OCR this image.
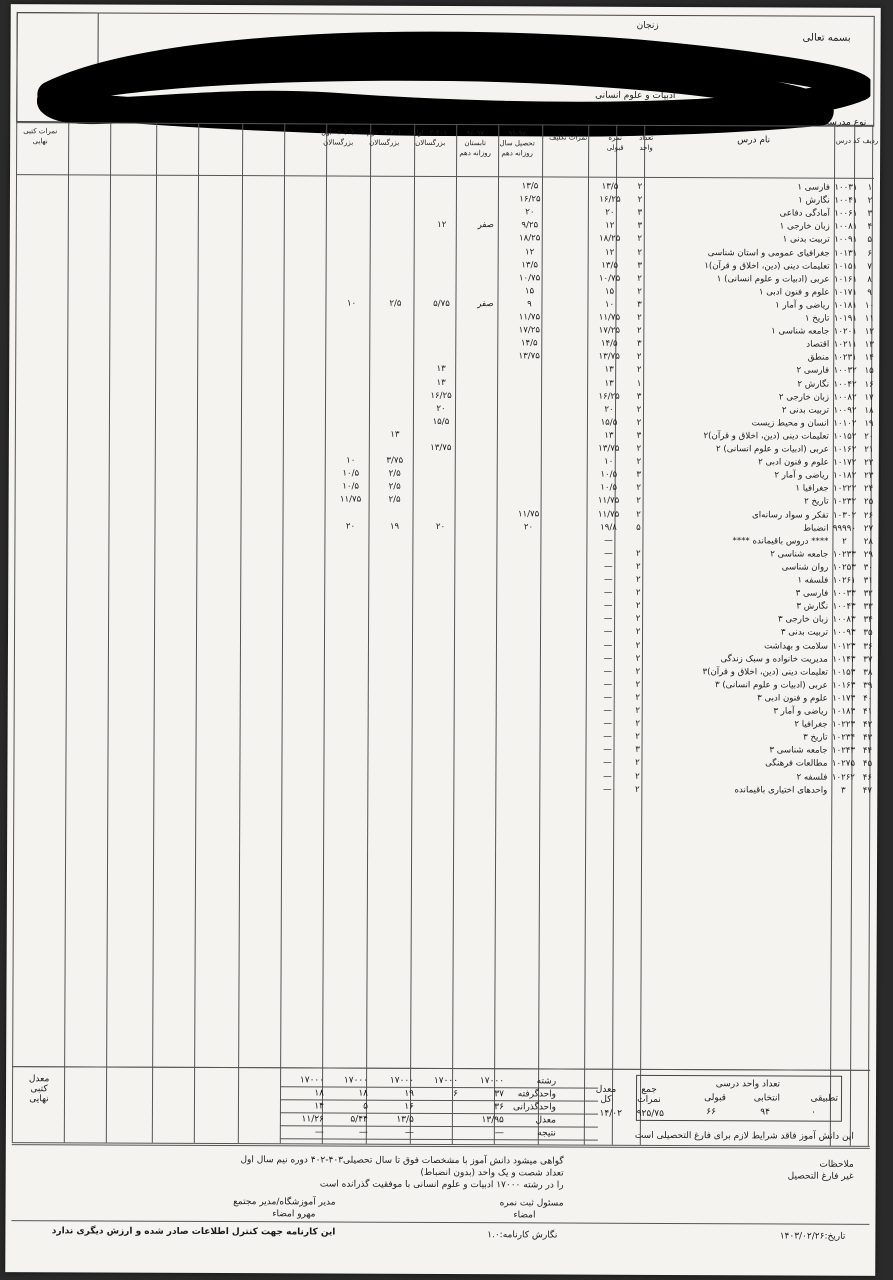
بسمه تعالی
زنجان
نام خانوادگی
ادبیات و علوم انسانی
صدور
۸۰۱۳۱۶
کد دانش آموز
۲۲۷۱۵۱۴۳۵۷
نوع مدرسه
عادی
ردیف
کد درس
نام درس
تعداد واحد
نمره قبولی
نمرات تکلیف
۹۶-۹۷ تحصیل سال روزانه دهم
۹۶-۹۷ تابستان روزانه دهم
۰۲-۴۰۱ اول بزرگسالان
۰۲-۴۰۱ دوم بزرگسالان
۰۳-۴۰۲ اول بزرگسالان
نمرات کتبی نهایی
۱
۱۰۰۳۱
فارسی ۱
۲
۱۳/۵
۱۳/۵
۲
۱۰۰۴۱
نگارش ۱
۲
۱۶/۲۵
۱۶/۲۵
۳
۱۰۰۶۱
آمادگی دفاعی
۳
۲۰
۲۰
۴
۱۰۰۸۱
زبان خارجی ۱
۳
۱۲
۹/۲۵
صفر
۱۲
۵
۱۰۰۹۱
تربیت بدنی ۱
۲
۱۸/۲۵
۱۸/۲۵
۶
۱۰۱۳۱
جغرافیای عمومی و استان شناسی
۲
۱۲
۱۲
۷
۱۰۱۵۱
تعلیمات دینی (دین، اخلاق و قرآن)۱
۳
۱۳/۵
۱۳/۵
۸
۱۰۱۶۱
عربی (ادبیات و علوم انسانی) ۱
۲
۱۰/۷۵
۱۰/۷۵
۹
۱۰۱۷۱
علوم و فنون ادبی ۱
۲
۱۵
۱۵
۱۰
۱۰۱۸۱
ریاضی و آمار ۱
۳
۱۰
۹
صفر
۵/۷۵
۲/۵
۱۰
۱۱
۱۰۱۹۱
تاریخ ۱
۲
۱۱/۷۵
۱۱/۷۵
۱۲
۱۰۲۰۱
جامعه شناسی ۱
۲
۱۷/۲۵
۱۷/۲۵
۱۳
۱۰۲۱۱
اقتصاد
۳
۱۴/۵
۱۴/۵
۱۴
۱۰۲۳۱
منطق
۲
۱۳/۷۵
۱۳/۷۵
۱۵
۱۰۰۳۲
فارسی ۲
۲
۱۳
۱۳
۱۶
۱۰۰۴۲
نگارش ۲
۱
۱۳
۱۳
۱۷
۱۰۰۸۲
زبان خارجی ۲
۳
۱۶/۲۵
۱۶/۲۵
۱۸
۱۰۰۹۲
تربیت بدنی ۲
۲
۲۰
۲۰
۱۹
۱۰۱۰۲
انسان و محیط زیست
۲
۱۵/۵
۱۵/۵
۲۰
۱۰۱۵۲
تعلیمات دینی (دین، اخلاق و قرآن)۲
۳
۱۳
۱۳
۲۱
۱۰۱۶۲
عربی (ادبیات و علوم انسانی) ۲
۲
۱۳/۷۵
۱۳/۷۵
۲۲
۱۰۱۷۲
علوم و فنون ادبی ۲
۲
۱۰
۳/۷۵
۱۰
۲۳
۱۰۱۸۲
ریاضی و آمار ۲
۳
۱۰/۵
۲/۵
۱۰/۵
۲۴
۱۰۲۲۲
جغرافیا ۱
۲
۱۰/۵
۲/۵
۱۰/۵
۲۵
۱۰۲۳۲
تاریخ ۲
۲
۱۱/۷۵
۲/۵
۱۱/۷۵
۲۶
۱۰۳۰۲
تفکر و سواد رسانه‌ای
۲
۱۱/۷۵
۱۱/۷۵
۲۷
۹۹۹۹۰
انضباط
۵
۱۹/۸
۲۰
۲۰
۱۹
۲۰
۲۸
۲
**** دروس باقیمانده ****
—
۲۹
۱۰۲۳۳
جامعه شناسی ۲
۲
—
۳۰
۱۰۲۵۳
روان شناسی
۲
—
۳۱
۱۰۲۶۱
فلسفه ۱
۲
—
۳۲
۱۰۰۳۳
فارسی ۳
۲
—
۳۳
۱۰۰۴۳
نگارش ۳
۲
—
۳۴
۱۰۰۸۳
زبان خارجی ۳
۲
—
۳۵
۱۰۰۹۳
تربیت بدنی ۳
۲
—
۳۶
۱۰۱۲۳
سلامت و بهداشت
۲
—
۳۷
۱۰۱۴۳
مدیریت خانواده و سبک زندگی
۲
—
۳۸
۱۰۱۵۳
تعلیمات دینی (دین، اخلاق و قرآن)۳
۲
—
۳۹
۱۰۱۶۳
عربی (ادبیات و علوم انسانی) ۳
۲
—
۴۰
۱۰۱۷۳
علوم و فنون ادبی ۳
۲
—
۴۱
۱۰۱۸۳
ریاضی و آمار ۳
۲
—
۴۲
۱۰۲۲۳
جغرافیا ۲
۲
—
۴۳
۱۰۲۳۴
تاریخ ۳
۲
—
۴۴
۱۰۲۴۳
جامعه شناسی ۳
۳
—
۴۵
۱۰۲۷۵
مطالعات فرهنگی
۲
—
۴۶
۱۰۲۶۲
فلسفه ۲
۲
—
۴۷
۳
واحدهای اختیاری باقیمانده
۲
—
رشته
۱۷۰۰۰
۱۷۰۰۰
۱۷۰۰۰
۱۷۰۰۰
۱۷۰۰۰
واحدگرفته
۳۷
۶
۱۹
۱۸
۱۸
واحدگذرانی
۳۶
۱۶
۵
۱۴
معدل
۱۳/۹۵
۱۳/۵
۵/۴۴
۱۱/۲۶
نتیجه
—
—
—
—
تعداد واحد درسی
تطبیقی
انتخابی
قبولی
۰
۹۴
۶۶
جمع نمرات
۹۲۵/۷۵
معدل کل
۱۴/۰۲
معدل کتبی نهایی
این دانش آموز فاقد شرایط لازم برای فارغ التحصیلی است
ملاحظات
غیر فارغ التحصیل
گواهی میشود دانش آموز با مشخصات فوق تا سال تحصیلی۴۰۳-۴۰۲ دوره نیم سال اول
تعداد شصت و یک واحد (بدون انضباط)
را در رشته ۱۷۰۰۰ ادبیات و علوم انسانی با موفقیت گذرانده است
مسئول ثبت نمره
امضاء
مدیر آموزشگاه/مدیر مجتمع
مهرو امضاء
تاریخ:۱۴۰۳/۰۲/۲۶
نگارش کارنامه:۱.۰
این کارنامه جهت کنترل اطلاعات صادر شده و ارزش دیگری ندارد
